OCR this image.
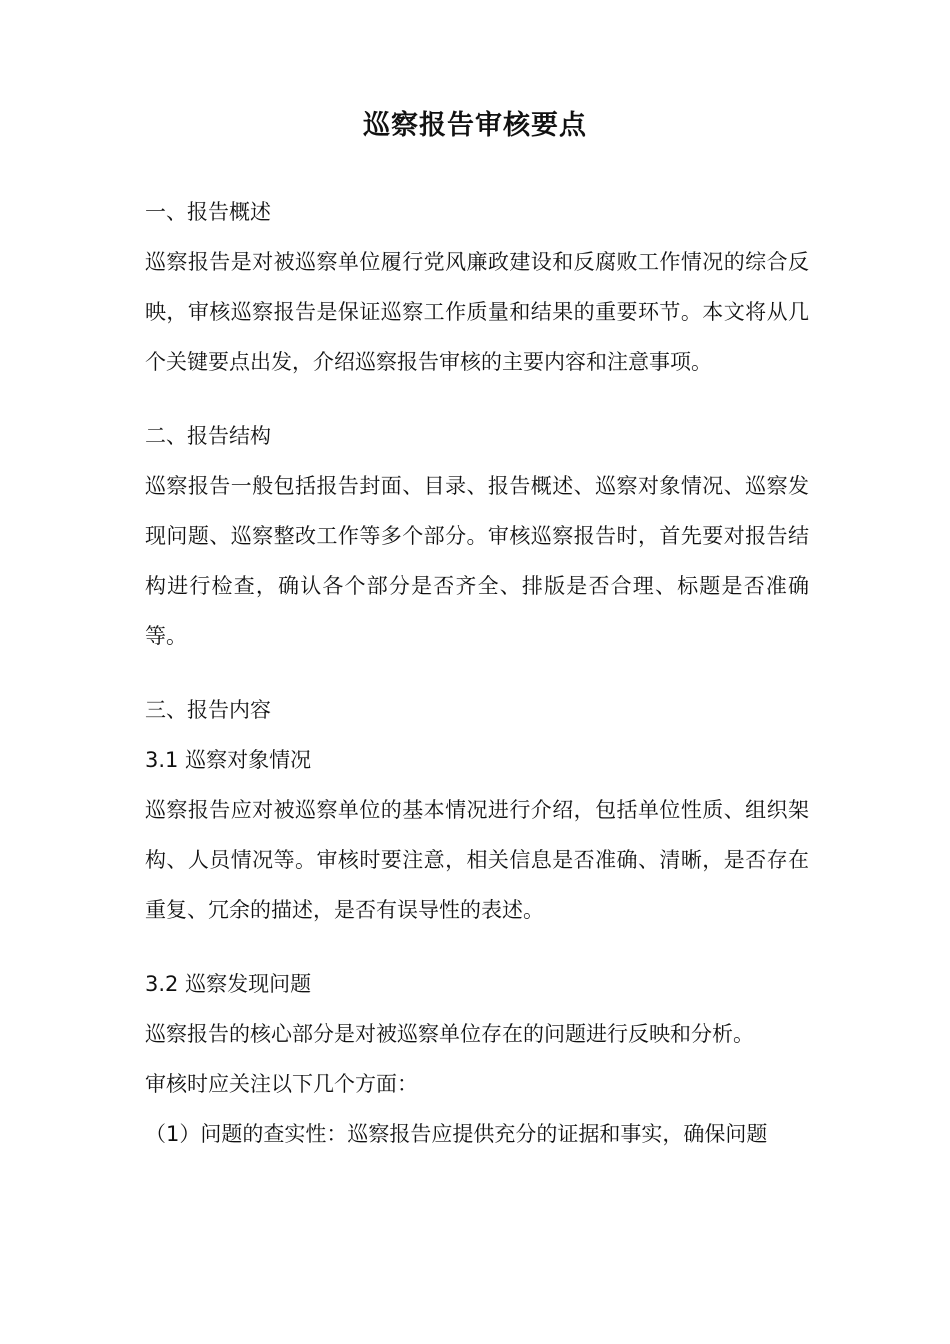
巡察报告审核要点

一、报告概述

巡察报告是对被巡察单位履行党风廉政建设和反腐败工作情况的综合反映，审核巡察报告是保证巡察工作质量和结果的重要环节。本文将从几个关键要点出发，介绍巡察报告审核的主要内容和注意事项。

二、报告结构

巡察报告一般包括报告封面、目录、报告概述、巡察对象情况、巡察发现问题、巡察整改工作等多个部分。审核巡察报告时，首先要对报告结构进行检查，确认各个部分是否齐全、排版是否合理、标题是否准确等。

三、报告内容

3.1 巡察对象情况

巡察报告应对被巡察单位的基本情况进行介绍，包括单位性质、组织架构、人员情况等。审核时要注意，相关信息是否准确、清晰，是否存在重复、冗余的描述，是否有误导性的表述。

3.2 巡察发现问题

巡察报告的核心部分是对被巡察单位存在的问题进行反映和分析。

审核时应关注以下几个方面：

（1）问题的查实性：巡察报告应提供充分的证据和事实，确保问题
